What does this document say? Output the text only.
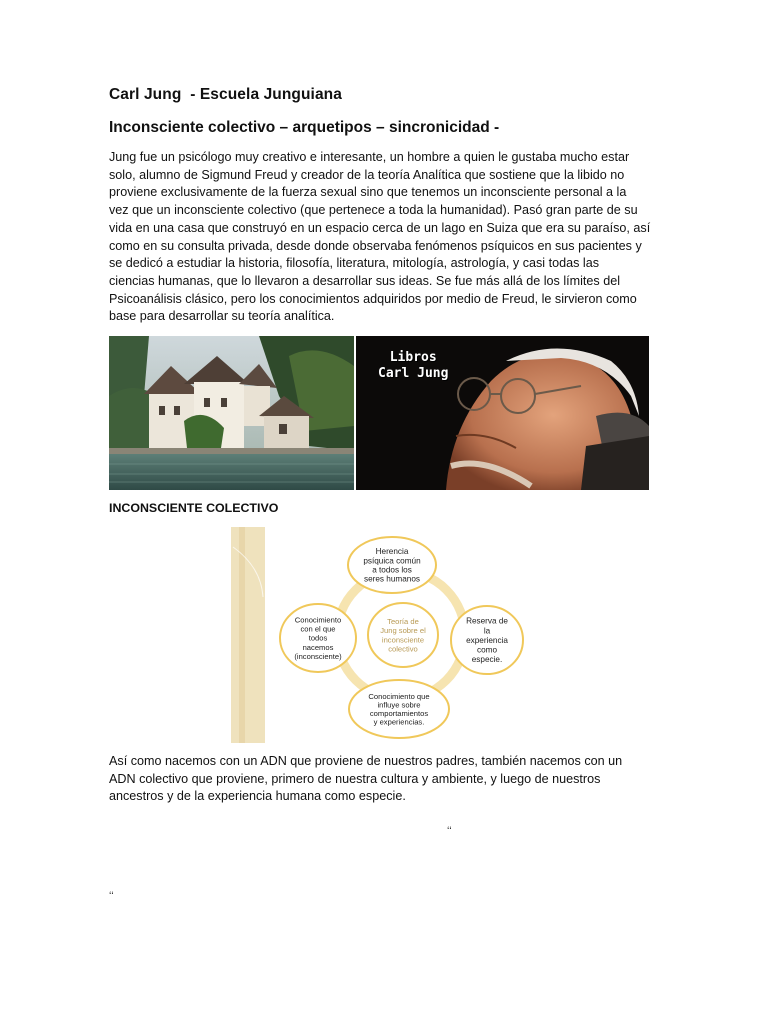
Carl Jung  - Escuela Junguiana
Inconsciente colectivo – arquetipos – sincronicidad -
Jung fue un psicólogo muy creativo e interesante, un hombre a quien le gustaba mucho estar
solo, alumno de Sigmund Freud y creador de la teoría Analítica que sostiene que la libido no
proviene exclusivamente de la fuerza sexual sino que tenemos un inconsciente personal a la
vez que un inconsciente colectivo (que pertenece a toda la humanidad). Pasó gran parte de su
vida en una casa que construyó en un espacio cerca de un lago en Suiza que era su paraíso, así
como en su consulta privada, desde donde observaba fenómenos psíquicos en sus pacientes y
se dedicó a estudiar la historia, filosofía, literatura, mitología, astrología, y casi todas las
ciencias humanas, que lo llevaron a desarrollar sus ideas. Se fue más allá de los límites del
Psicoanálisis clásico, pero los conocimientos adquiridos por medio de Freud, le sirvieron como
base para desarrollar su teoría analítica.
Libros
Carl Jung
INCONSCIENTE COLECTIVO
Herencia
psíquica común
a todos los
seres humanos
Reserva de
la
experiencia
como
especie.
Conocimiento que
influye sobre
comportamientos
y experiencias.
Conocimiento
con el que
todos
nacemos
(inconsciente)
Teoría de
Jung sobre el
inconsciente
colectivo
Así como nacemos con un ADN que proviene de nuestros padres, también nacemos con un
ADN colectivo que proviene, primero de nuestra cultura y ambiente, y luego de nuestros
ancestros y de la experiencia humana como especie.
‘‘
‘‘
